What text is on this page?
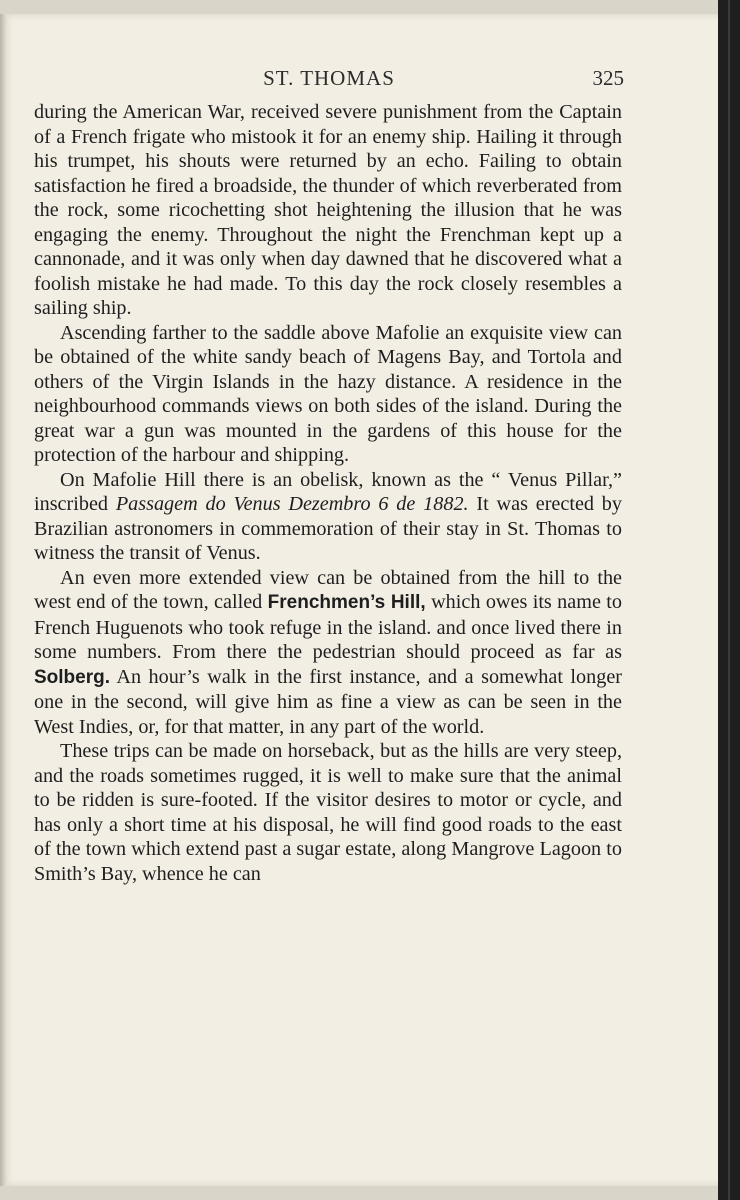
ST. THOMAS	325

during the American War, received severe punishment from the Captain of a French frigate who mistook it for an enemy ship. Hailing it through his trumpet, his shouts were returned by an echo. Failing to obtain satisfaction he fired a broadside, the thunder of which reverberated from the rock, some ricochetting shot heightening the illusion that he was engaging the enemy. Throughout the night the Frenchman kept up a cannonade, and it was only when day dawned that he discovered what a foolish mistake he had made. To this day the rock closely resembles a sailing ship.

Ascending farther to the saddle above Mafolie an exquisite view can be obtained of the white sandy beach of Magens Bay, and Tortola and others of the Virgin Islands in the hazy distance. A residence in the neighbourhood commands views on both sides of the island. During the great war a gun was mounted in the gardens of this house for the protection of the harbour and shipping.

On Mafolie Hill there is an obelisk, known as the “ Venus Pillar,” inscribed Passagem do Venus Dezembro 6 de 1882. It was erected by Brazilian astronomers in commemoration of their stay in St. Thomas to witness the transit of Venus.

An even more extended view can be obtained from the hill to the west end of the town, called Frenchmen’s Hill, which owes its name to French Huguenots who took refuge in the island. and once lived there in some numbers. From there the pedestrian should proceed as far as Solberg. An hour’s walk in the first instance, and a somewhat longer one in the second, will give him as fine a view as can be seen in the West Indies, or, for that matter, in any part of the world.

These trips can be made on horseback, but as the hills are very steep, and the roads sometimes rugged, it is well to make sure that the animal to be ridden is sure-footed. If the visitor desires to motor or cycle, and has only a short time at his disposal, he will find good roads to the east of the town which extend past a sugar estate, along Mangrove Lagoon to Smith’s Bay, whence he can
